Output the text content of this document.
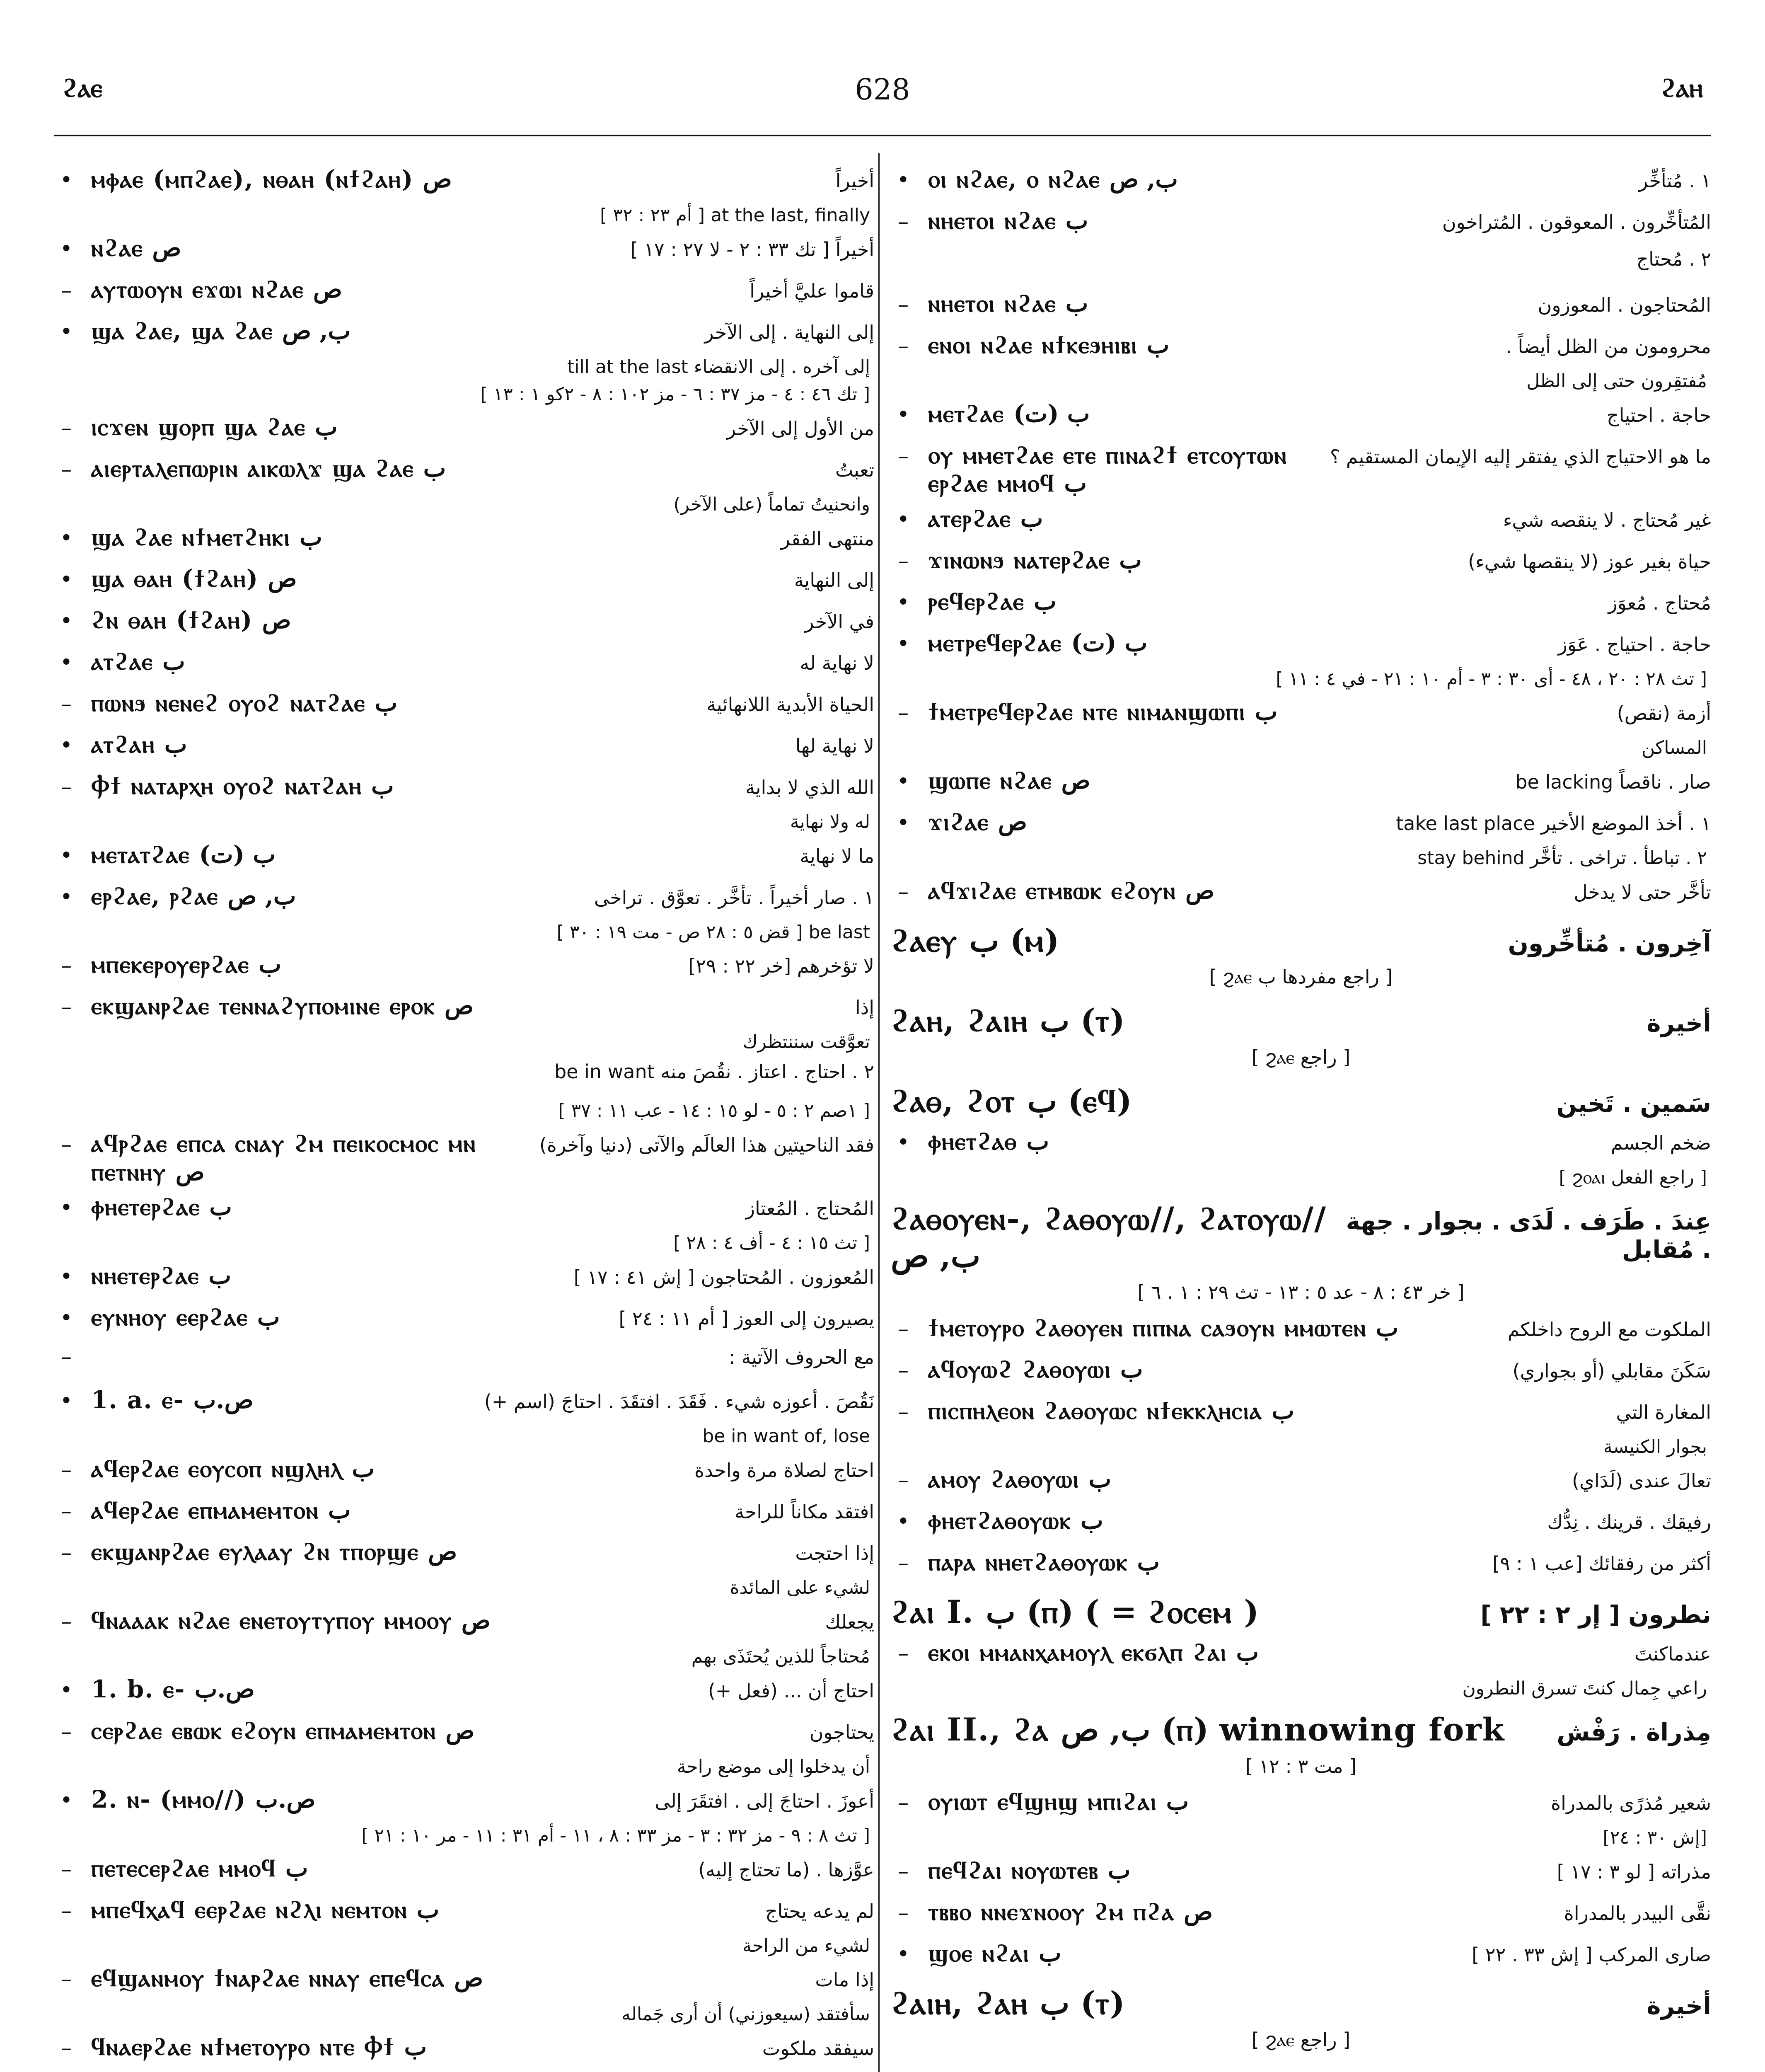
ϩⲁⲉ	628	ϩⲁⲏ
• ⲙⲫⲁⲉ (ⲙⲡϩⲁⲉ), ⲛⲑⲁⲏ (ⲛϯϩⲁⲏ) ص	أخيراً
at the last, finally [ أم ٢٣ : ٣٢ ]
• ⲛϩⲁⲉ ص	أخيراً [ تك ٣٣ : ٢ - لا ٢٧ : ١٧ ]
– ⲁⲩⲧⲱⲟⲩⲛ ⲉϫⲱⲓ ⲛϩⲁⲉ ص	قاموا عليَّ أخيراً
• ϣⲁ ϩⲁⲉ, ϣⲁ ϩⲁⲉ ب, ص	إلى النهاية . إلى الآخر
إلى آخره . إلى الانقضاء till at the last
[ تك ٤٦ : ٤ - مز ٣٧ : ٦ - مز ١٠٢ : ٨ - ٢كو ١ : ١٣ ]
– ⲓⲥϫⲉⲛ ϣⲟⲣⲡ ϣⲁ ϩⲁⲉ ب	من الأول إلى الآخر
– ⲁⲓⲉⲣⲧⲁⲗⲉⲡⲱⲣⲓⲛ ⲁⲓⲕⲱⲗϫ ϣⲁ ϩⲁⲉ ب	تعبتُ
وانحنيتُ تماماً (على الآخر)
• ϣⲁ ϩⲁⲉ ⲛϯⲙⲉⲧϩⲏⲕⲓ ب	منتهى الفقر
• ϣⲁ ⲑⲁⲏ (ϯϩⲁⲏ) ص	إلى النهاية
• ϩⲛ ⲑⲁⲏ (ϯϩⲁⲏ) ص	في الآخر
• ⲁⲧϩⲁⲉ ب	لا نهاية له
– ⲡⲱⲛϧ ⲛⲉⲛⲉϩ ⲟⲩⲟϩ ⲛⲁⲧϩⲁⲉ ب	الحياة الأبدية اللانهائية
• ⲁⲧϩⲁⲏ ب	لا نهاية لها
– Ⲫϯ ⲛⲁⲧⲁⲣⲭⲏ ⲟⲩⲟϩ ⲛⲁⲧϩⲁⲏ ب	الله الذي لا بداية
له ولا نهاية
• ⲙⲉⲧⲁⲧϩⲁⲉ ب (ت)	ما لا نهاية
• ⲉⲣϩⲁⲉ, ⲣϩⲁⲉ ب, ص	١ . صار أخيراً . تأخَّر . تعوَّق . تراخى
be last [ قض ٥ : ٢٨ ص - مت ١٩ : ٣٠ ]
– ⲙⲡⲉⲕⲉⲣⲟⲩⲉⲣϩⲁⲉ ب	لا تؤخرهم [خر ٢٢ : ٢٩]
– ⲉⲕϣⲁⲛⲣϩⲁⲉ ⲧⲉⲛⲛⲁϩⲩⲡⲟⲙⲓⲛⲉ ⲉⲣⲟⲕ ص	إذا
تعوَّقت سننتظرك
٢ . احتاج . اعتاز . نقُصَ منه be in want
[ ١صم ٢ : ٥ - لو ١٥ : ١٤ - عب ١١ : ٣٧ ]
– ⲁϥⲣϩⲁⲉ ⲉⲡⲥⲁ ⲥⲛⲁⲩ ϩⲙ ⲡⲉⲓⲕⲟⲥⲙⲟⲥ ⲙⲛ ⲡⲉⲧⲛⲏⲩ ص
فقد الناحيتين هذا العالَم والآتى (دنيا وآخرة)
• ⲫⲏⲉⲧⲉⲣϩⲁⲉ ب	المُحتاج . المُعتاز
[ تث ١٥ : ٤ - أف ٤ : ٢٨ ]
• ⲛⲏⲉⲧⲉⲣϩⲁⲉ ب	المُعوزون . المُحتاجون [ إش ٤١ : ١٧ ]
• ⲉⲩⲛⲏⲟⲩ ⲉⲉⲣϩⲁⲉ ب	يصيرون إلى العوز [ أم ١١ : ٢٤ ]
–	مع الحروف الآتية :
• 1. a. ⲉ- ص.ب	نَقُصَ . أعوزه شيء . فَقَدَ . افتقَدَ . احتاجَ (اسم +)
be in want of, lose
– ⲁϥⲉⲣϩⲁⲉ ⲉⲟⲩⲥⲟⲡ ⲛϣⲗⲏⲗ ب	احتاج لصلاة مرة واحدة
– ⲁϥⲉⲣϩⲁⲉ ⲉⲡⲙⲁⲙⲉⲙⲧⲟⲛ ب	افتقد مكاناً للراحة
– ⲉⲕϣⲁⲛⲣϩⲁⲉ ⲉⲩⲗⲁⲁⲩ ϩⲛ ⲧⲡⲟⲣϣⲉ ص	إذا احتجت
لشيء على المائدة
– ϥⲛⲁⲁⲁⲕ ⲛϩⲁⲉ ⲉⲛⲉⲧⲟⲩⲧⲩⲡⲟⲩ ⲙⲙⲟⲟⲩ ص	يجعلك
مُحتاجاً للذين يُحتَذَى بهم
• 1. b. ⲉ- ص.ب	احتاج أن ... (فعل +)
– ⲥⲉⲣϩⲁⲉ ⲉⲃⲱⲕ ⲉϩⲟⲩⲛ ⲉⲡⲙⲁⲙⲉⲙⲧⲟⲛ ص	يحتاجون
أن يدخلوا إلى موضع راحة
• 2. ⲛ- (ⲙⲙⲟ//) ص.ب	أعوزَ . احتاجَ إلى . افتقَرَ إلى
[ تث ٨ : ٩ - مز ٣٢ : ٣ - مز ٣٣ : ٨ ، ١١ - أم ٣١ : ١١ - مر ١٠ : ٢١ ]
– ⲡⲉⲧⲉⲥⲉⲣϩⲁⲉ ⲙⲙⲟϥ ب	عوَّزها . (ما تحتاج إليه)
– ⲙⲡⲉϥⲭⲁϥ ⲉⲉⲣϩⲁⲉ ⲛϩⲗⲓ ⲛⲉⲙⲧⲟⲛ ب	لم يدعه يحتاج
لشيء من الراحة
– ⲉϥϣⲁⲛⲙⲟⲩ ϯⲛⲁⲣϩⲁⲉ ⲛⲛⲁⲩ ⲉⲡⲉϥⲥⲁ ص	إذا مات
سأفتقد (سيعوزني) أن أرى جَماله
– ϥⲛⲁⲉⲣϩⲁⲉ ⲛϯⲙⲉⲧⲟⲩⲣⲟ ⲛⲧⲉ Ⲫϯ ب	سيفقد ملكوت
• ⲟⲓ ⲛϩⲁⲉ, ⲟ ⲛϩⲁⲉ ب, ص	١ . مُتأخِّر
– ⲛⲏⲉⲧⲟⲓ ⲛϩⲁⲉ ب	المُتأخِّرون . المعوقون . المُتراخون
٢ . مُحتاج
– ⲛⲏⲉⲧⲟⲓ ⲛϩⲁⲉ ب	المُحتاجون . المعوزون
– ⲉⲛⲟⲓ ⲛϩⲁⲉ ⲛϯⲕⲉϧⲏⲓⲃⲓ ب	محرومون من الظل أيضاً .
مُفتقِرون حتى إلى الظل
• ⲙⲉⲧϩⲁⲉ ب (ت)	حاجة . احتياج
– ⲟⲩ ⲙⲙⲉⲧϩⲁⲉ ⲉⲧⲉ ⲡⲓⲛⲁϩϯ ⲉⲧⲥⲟⲩⲧⲱⲛ ⲉⲣϩⲁⲉ ⲙⲙⲟϥ ب
ما هو الاحتياج الذي يفتقر إليه الإيمان المستقيم ؟
• ⲁⲧⲉⲣϩⲁⲉ ب	غير مُحتاج . لا ينقصه شيء
– ϫⲓⲛⲱⲛϧ ⲛⲁⲧⲉⲣϩⲁⲉ ب	حياة بغير عوز (لا ينقصها شيء)
• ⲣⲉϥⲉⲣϩⲁⲉ ب	مُحتاج . مُعوَز
• ⲙⲉⲧⲣⲉϥⲉⲣϩⲁⲉ ب (ت)	حاجة . احتياج . عَوَز
[ تث ٢٨ : ٢٠ ، ٤٨ - أى ٣٠ : ٣ - أم ١٠ : ٢١ - في ٤ : ١١ ]
– ϯⲙⲉⲧⲣⲉϥⲉⲣϩⲁⲉ ⲛⲧⲉ ⲛⲓⲙⲁⲛϣⲱⲡⲓ ب	أزمة (نقص)
المساكن
• ϣⲱⲡⲉ ⲛϩⲁⲉ ص	صار . ناقصاً be lacking
• ϫⲓϩⲁⲉ ص	١ . أخذ الموضع الأخير take last place
٢ . تباطأ . تراخى . تأخَّر stay behind
– ⲁϥϫⲓϩⲁⲉ ⲉⲧⲙⲃⲱⲕ ⲉϩⲟⲩⲛ ص	تأخَّر حتى لا يدخل
ϩⲁⲉⲩ ب (ⲙ)	آخِرون . مُتأخِّرون
[ راجع مفردها ب ϩⲁⲉ ]
ϩⲁⲏ, ϩⲁⲓⲏ ب (ⲧ)	أخيرة
[ راجع ϩⲁⲉ ]
ϩⲁⲑ, ϩⲟⲧ ب (ⲉϥ)	سَمين . تَخين
• ⲫⲏⲉⲧϩⲁⲑ ب	ضخم الجسم
[ راجع الفعل ϩⲟⲁⲓ ]
ϩⲁⲑⲟⲩⲉⲛ-, ϩⲁⲑⲟⲩⲱ//, ϩⲁⲧⲟⲩⲱ// ب, ص
عِندَ . طَرَف . لَدَى . بجوار . جهة . مُقابل
[ خر ٤٣ : ٨ - عد ٥ : ١٣ - تث ٢٩ : ١ . ٦ ]
– ϯⲙⲉⲧⲟⲩⲣⲟ ϩⲁⲑⲟⲩⲉⲛ ⲡⲓⲡⲛⲁ ⲥⲁϧⲟⲩⲛ ⲙⲙⲱⲧⲉⲛ ب	الملكوت مع الروح داخلكم
– ⲁϥⲟⲩⲱϩ ϩⲁⲑⲟⲩⲱⲓ ب	سَكَنَ مقابلي (أو بجواري)
– ⲡⲓⲥⲡⲏⲗⲉⲟⲛ ϩⲁⲑⲟⲩⲱⲥ ⲛϯⲉⲕⲕⲗⲏⲥⲓⲁ ب	المغارة التي
بجوار الكنيسة
– ⲁⲙⲟⲩ ϩⲁⲑⲟⲩⲱⲓ ب	تعالَ عندى (لَدَاي)
• ⲫⲏⲉⲧϩⲁⲑⲟⲩⲱⲕ ب	رفيقك . قرينك . نِدُّك
– ⲡⲁⲣⲁ ⲛⲏⲉⲧϩⲁⲑⲟⲩⲱⲕ ب	أكثر من رفقائك [عب ١ : ٩]
ϩⲁⲓ I. ب (ⲡ) ( = ϩⲟⲥⲉⲙ )	نطرون [ إر ٢ : ٢٢ ]
– ⲉⲕⲟⲓ ⲙⲙⲁⲛⲭⲁⲙⲟⲩⲗ ⲉⲕϭⲗⲡ ϩⲁⲓ ب	عندماكنتَ
راعي جِمال كنتَ تسرق النطرون
ϩⲁⲓ II., ϩⲁ ب, ص (ⲡ) winnowing fork مِذراة . رَفْش
[ مت ٣ : ١٢ ]
– ⲟⲩⲓⲱⲧ ⲉϥϣⲏϣ ⲙⲡⲓϩⲁⲓ ب	شعير مُذرًى بالمدراة
[إش ٣٠ : ٢٤]
– ⲡⲉϥϩⲁⲓ ⲛⲟⲩⲱⲧⲉⲃ ب	مذراته [ لو ٣ : ١٧ ]
– ⲧⲃⲃⲟ ⲛⲛⲉϫⲛⲟⲟⲩ ϩⲙ ⲡϩⲁ ص	نقَّى البيدر بالمدراة
• ϣⲟⲉ ⲛϩⲁⲓ ب	صارى المركب [ إش ٣٣ . ٢٢ ]
ϩⲁⲓⲏ, ϩⲁⲏ ب (ⲧ)	أخيرة
[ راجع ϩⲁⲉ ]
